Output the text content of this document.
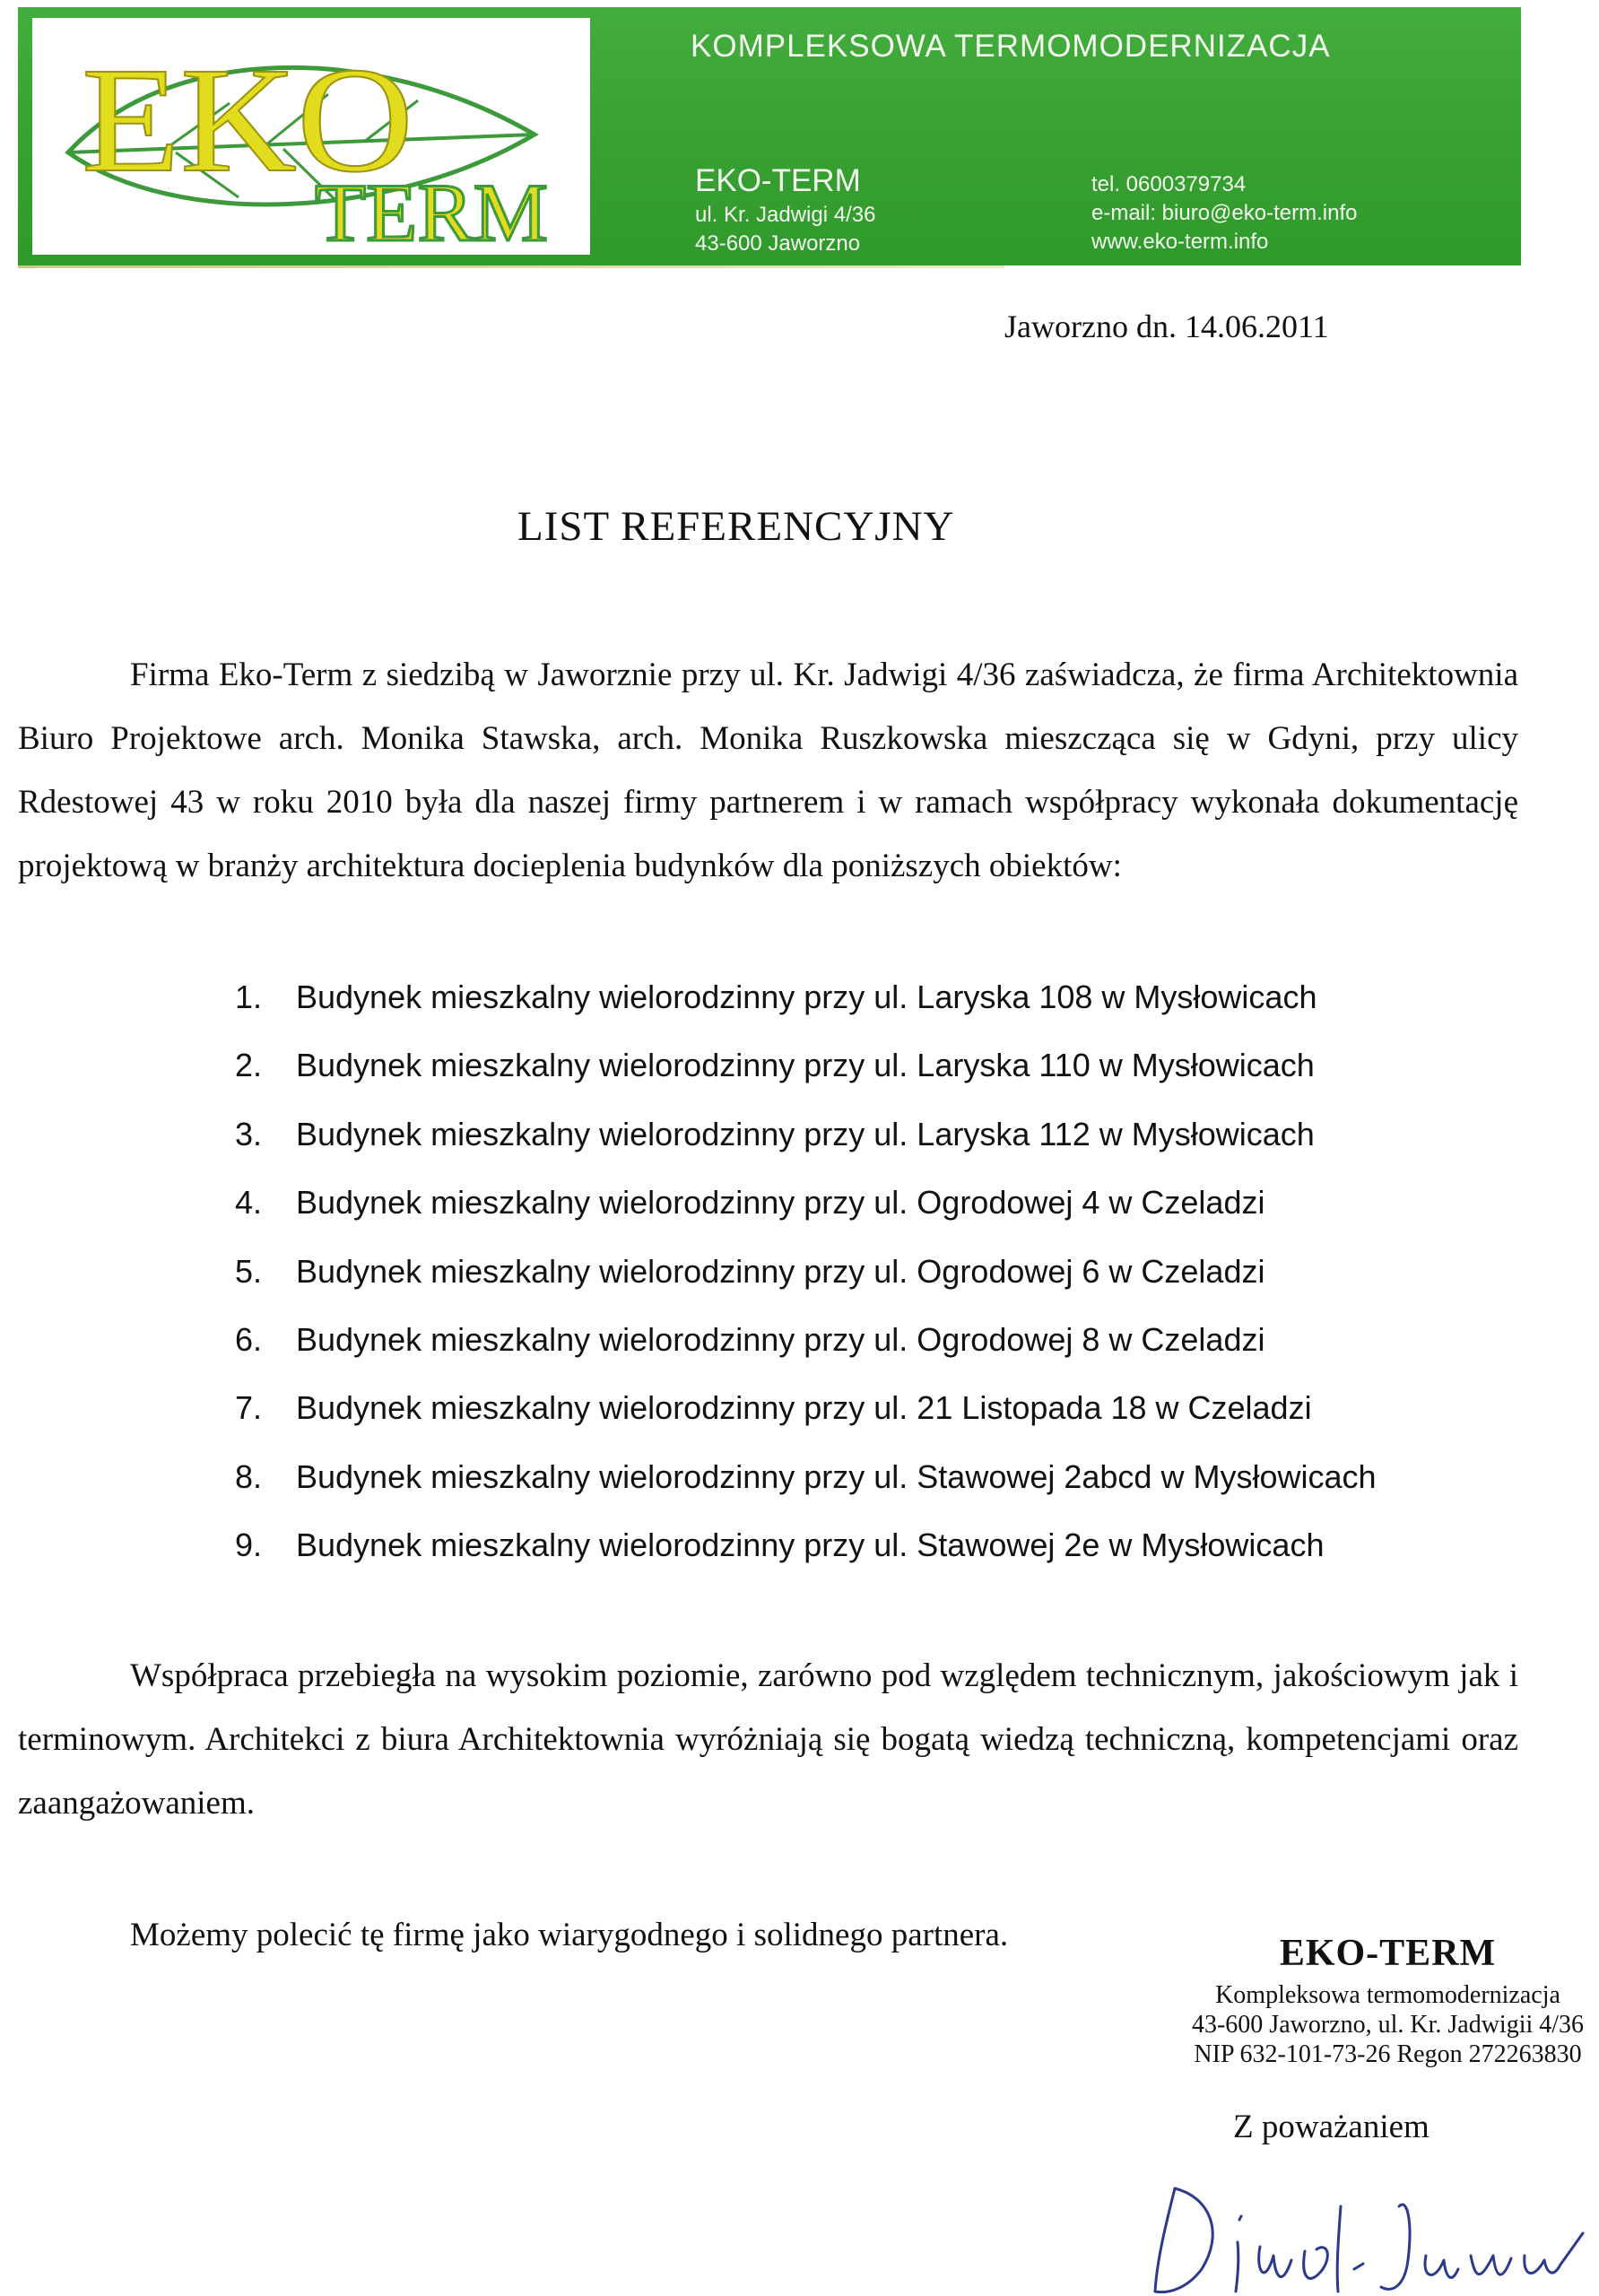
EKO
TERM
KOMPLEKSOWA TERMOMODERNIZACJA
EKO-TERM
ul. Kr. Jadwigi 4/36
43-600 Jaworzno
tel. 0600379734
e-mail: biuro@eko-term.info
www.eko-term.info
Jaworzno dn. 14.06.2011
LIST REFERENCYJNY

Firma Eko-Term z siedzibą w Jaworznie przy ul. Kr. Jadwigi 4/36 zaświadcza, że firma Architektownia Biuro Projektowe arch. Monika Stawska, arch. Monika Ruszkowska mieszcząca się w Gdyni, przy ulicy Rdestowej 43 w roku 2010 była dla naszej firmy partnerem i w ramach współpracy wykonała dokumentację projektową w branży architektura docieplenia budynków dla poniższych obiektów:

1. Budynek mieszkalny wielorodzinny przy ul. Laryska 108 w Mysłowicach
2. Budynek mieszkalny wielorodzinny przy ul. Laryska 110 w Mysłowicach
3. Budynek mieszkalny wielorodzinny przy ul. Laryska 112 w Mysłowicach
4. Budynek mieszkalny wielorodzinny przy ul. Ogrodowej 4 w Czeladzi
5. Budynek mieszkalny wielorodzinny przy ul. Ogrodowej 6 w Czeladzi
6. Budynek mieszkalny wielorodzinny przy ul. Ogrodowej 8 w Czeladzi
7. Budynek mieszkalny wielorodzinny przy ul. 21 Listopada 18 w Czeladzi
8. Budynek mieszkalny wielorodzinny przy ul. Stawowej 2abcd w Mysłowicach
9. Budynek mieszkalny wielorodzinny przy ul. Stawowej 2e w Mysłowicach

Współpraca przebiegła na wysokim poziomie, zarówno pod względem technicznym, jakościowym jak i terminowym. Architekci z biura Architektownia wyróżniają się bogatą wiedzą techniczną, kompetencjami oraz zaangażowaniem.

Możemy polecić tę firmę jako wiarygodnego i solidnego partnera.	EKO-TERM
Kompleksowa termomodernizacja
43-600 Jaworzno, ul. Kr. Jadwigii 4/36
NIP 632-101-73-26 Regon 272263830
Z poważaniem
